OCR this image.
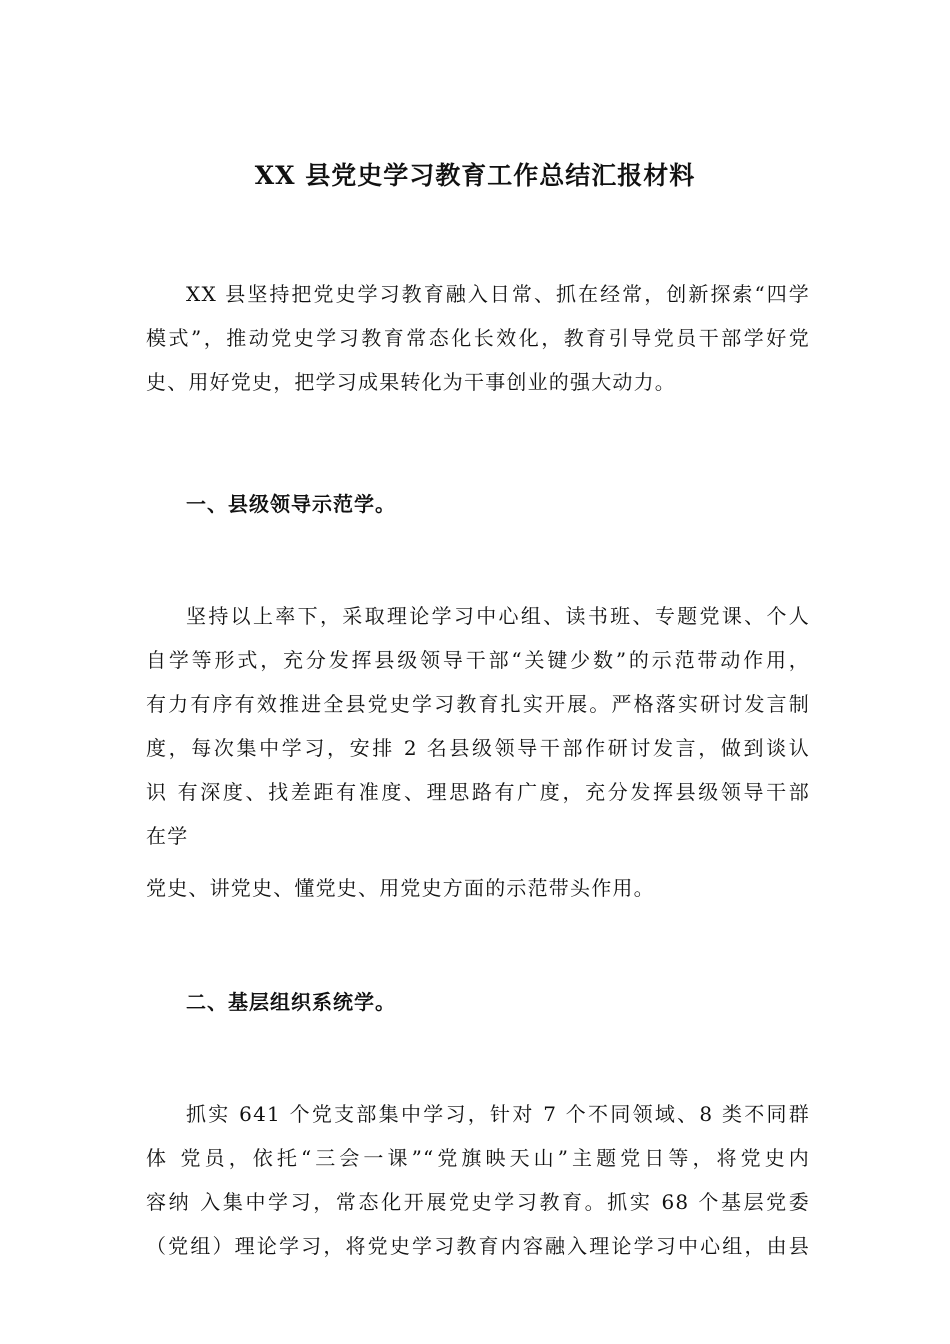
XX 县党史学习教育工作总结汇报材料
XX 县坚持把党史学习教育融入日常、抓在经常，创新探索“四学
模式”，推动党史学习教育常态化长效化，教育引导党员干部学好党
史、用好党史，把学习成果转化为干事创业的强大动力。
一、县级领导示范学。
坚持以上率下，采取理论学习中心组、读书班、专题党课、个人
自学等形式，充分发挥县级领导干部“关键少数”的示范带动作用，
有力有序有效推进全县党史学习教育扎实开展。严格落实研讨发言制
度，每次集中学习，安排 2 名县级领导干部作研讨发言，做到谈认
识 有深度、找差距有准度、理思路有广度，充分发挥县级领导干部
在学
党史、讲党史、懂党史、用党史方面的示范带头作用。
二、基层组织系统学。
抓实 641 个党支部集中学习，针对 7 个不同领域、8 类不同群
体 党员，依托“三会一课”“党旗映天山”主题党日等，将党史内
容纳 入集中学习，常态化开展党史学习教育。抓实 68 个基层党委
（党组）理论学习，将党史学习教育内容融入理论学习中心组，由县
